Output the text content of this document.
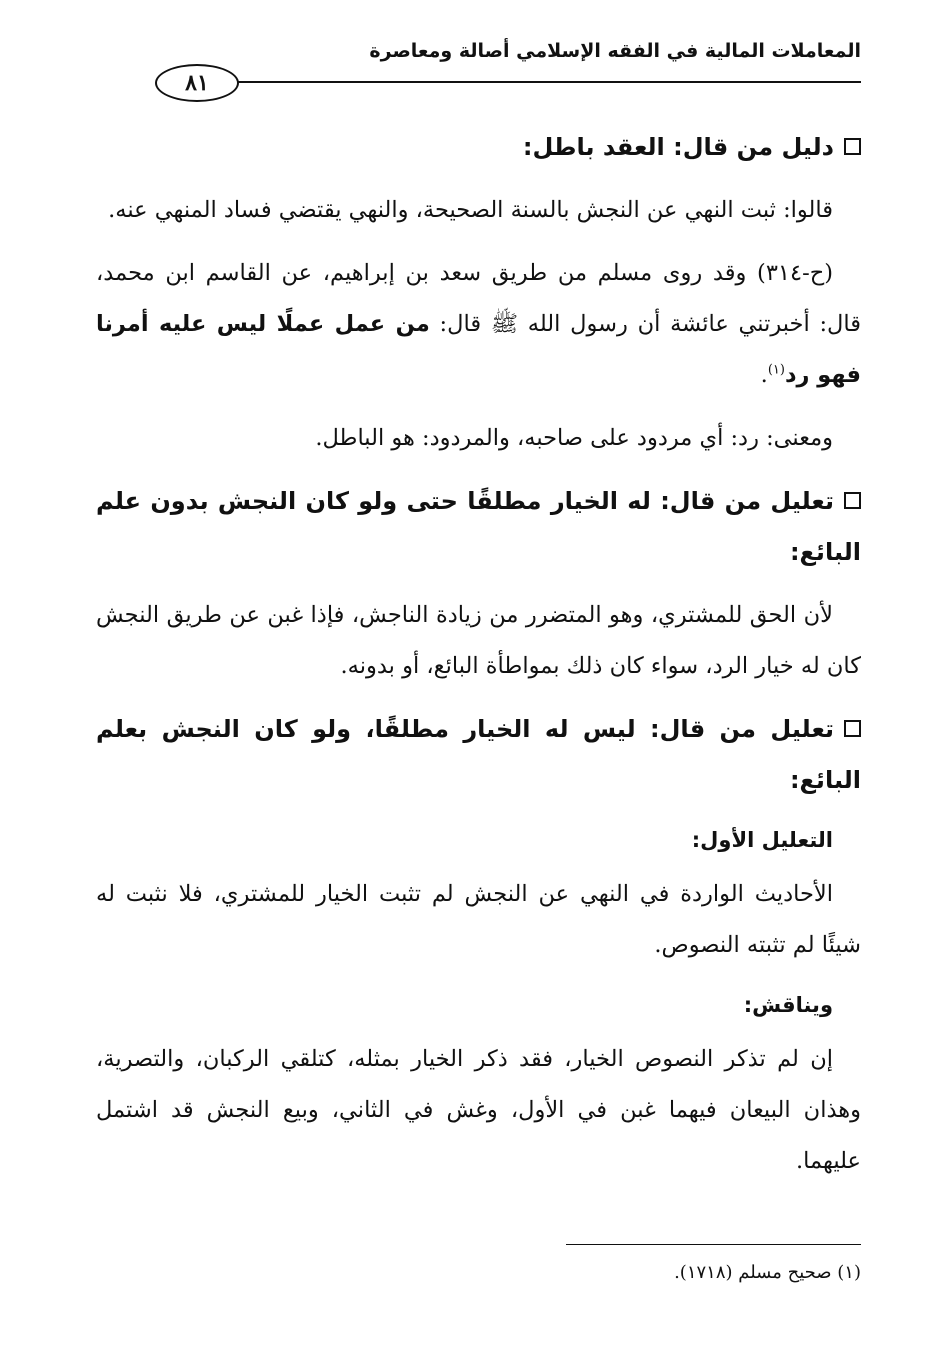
المعاملات المالية في الفقه الإسلامي أصالة ومعاصرة
٨١
دليل من قال: العقد باطل:

قالوا: ثبت النهي عن النجش بالسنة الصحيحة، والنهي يقتضي فساد المنهي عنه.

(ح-٣١٤) وقد روى مسلم من طريق سعد بن إبراهيم، عن القاسم ابن محمد، قال: أخبرتني عائشة أن رسول الله ﷺ قال: من عمل عملًا ليس عليه أمرنا فهو رد$^{(١)}$.

ومعنى: رد: أي مردود على صاحبه، والمردود: هو الباطل.

تعليل من قال: له الخيار مطلقًا حتى ولو كان النجش بدون علم البائع:

لأن الحق للمشتري، وهو المتضرر من زيادة الناجش، فإذا غبن عن طريق النجش كان له خيار الرد، سواء كان ذلك بمواطأة البائع، أو بدونه.

تعليل من قال: ليس له الخيار مطلقًا، ولو كان النجش بعلم البائع:
التعليل الأول:

الأحاديث الواردة في النهي عن النجش لم تثبت الخيار للمشتري، فلا نثبت له شيئًا لم تثبته النصوص.

ويناقش:

إن لم تذكر النصوص الخيار، فقد ذكر الخيار بمثله، كتلقي الركبان، والتصرية، وهذان البيعان فيهما غبن في الأول، وغش في الثاني، وبيع النجش قد اشتمل عليهما.

(١) صحيح مسلم (١٧١٨).
